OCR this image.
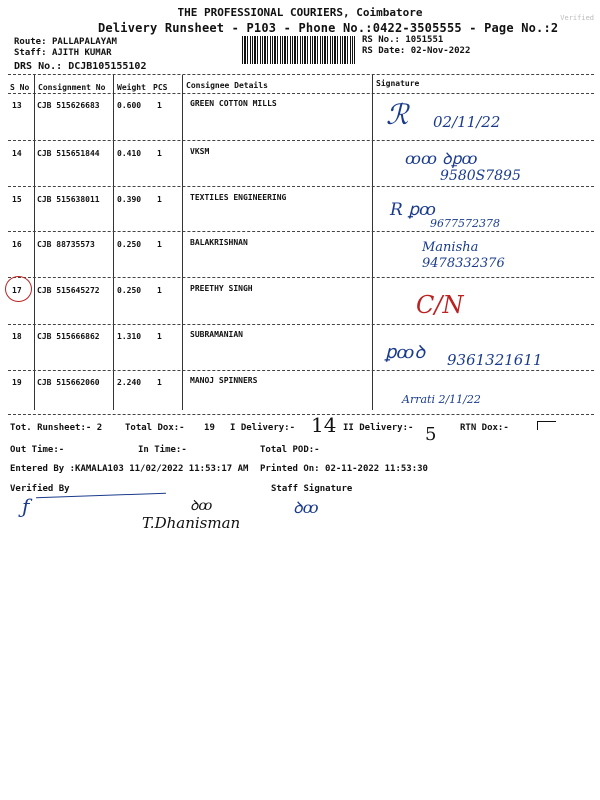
THE PROFESSIONAL COURIERS, Coimbatore
Delivery Runsheet - P103 - Phone No.:0422-3505555 - Page No.:2
Verified
Route: PALLAPALAYAM
Staff: AJITH KUMAR
DRS No.: DCJB105155102
RS No.: 1051551
RS Date: 02-Nov-2022
S No Consignment No Weight PCS Consignee Details	Signature
13 CJB 515626683 0.600 1	GREEN COTTON MILLS	ℛ 02/11/22
14 CJB 515651844 0.410 1	VKSM	ꝏꝏ ꝺꝑꝏ
9580S7895
15 CJB 515638011 0.390 1	TEXTILES ENGINEERING
R ꝑꝏ
9677572378
16 CJB 88735573	0.250 1	BALAKRISHNAN	Manisha 9478332376
17 CJB 515645272 0.250 1	PREETHY SINGH
C/N
18 CJB 515666862 1.310 1	SUBRAMANIAN
ꝑꝏꝺ 9361321611
19 CJB 515662060 2.240 1	MANOJ SPINNERS
Arrati 2/11/22
Tot. Runsheet:- 2	Total Dox:- 19 I Delivery:- 14 II Delivery:- 5	RTN Dox:-
Out Time:-	In Time:-	Total POD:-
Entered By :KAMALA103 11/02/2022 11:53:17 AM Printed On: 02-11-2022 11:53:30
Verified By	Staff Signature
ƒ	ꝺꝏ
T.Dhanisman
ꝺꝏ
